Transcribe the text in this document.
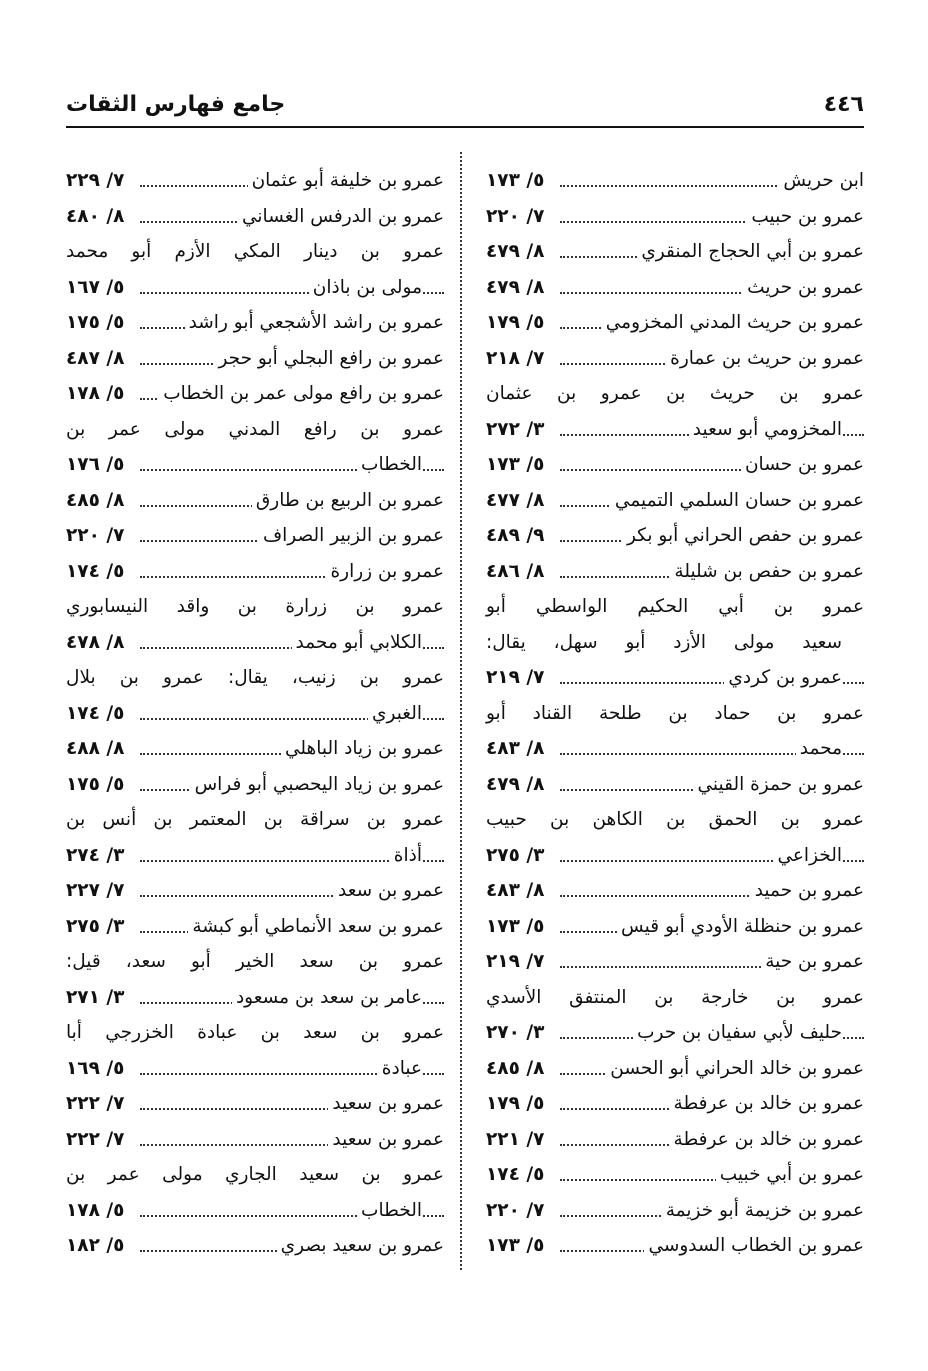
٤٤٦
جامع فهارس الثقات
ابن حريش
٥/ ١٧٣
عمرو بن حبيب
٧/ ٢٢٠
عمرو بن أبي الحجاج المنقري
٨/ ٤٧٩
عمرو بن حريث
٨/ ٤٧٩
عمرو بن حريث المدني المخزومي
٥/ ١٧٩
عمرو بن حريث بن عمارة
٧/ ٢١٨
عمرو بن حريث بن عمرو بن عثمان
المخزومي أبو سعيد
٣/ ٢٧٢
عمرو بن حسان
٥/ ١٧٣
عمرو بن حسان السلمي التميمي
٨/ ٤٧٧
عمرو بن حفص الحراني أبو بكر
٩/ ٤٨٩
عمرو بن حفص بن شليلة
٨/ ٤٨٦
عمرو بن أبي الحكيم الواسطي أبو
سعيد مولى الأزد أبو سهل، يقال:
عمرو بن كردي
٧/ ٢١٩
عمرو بن حماد بن طلحة القناد أبو
محمد
٨/ ٤٨٣
عمرو بن حمزة القيني
٨/ ٤٧٩
عمرو بن الحمق بن الكاهن بن حبيب
الخزاعي
٣/ ٢٧٥
عمرو بن حميد
٨/ ٤٨٣
عمرو بن حنظلة الأودي أبو قيس
٥/ ١٧٣
عمرو بن حية
٧/ ٢١٩
عمرو بن خارجة بن المنتفق الأسدي
حليف لأبي سفيان بن حرب
٣/ ٢٧٠
عمرو بن خالد الحراني أبو الحسن
٨/ ٤٨٥
عمرو بن خالد بن عرفطة
٥/ ١٧٩
عمرو بن خالد بن عرفطة
٧/ ٢٢١
عمرو بن أبي خبيب
٥/ ١٧٤
عمرو بن خزيمة أبو خزيمة
٧/ ٢٢٠
عمرو بن الخطاب السدوسي
٥/ ١٧٣
عمرو بن خليفة أبو عثمان
٧/ ٢٢٩
عمرو بن الدرفس الغساني
٨/ ٤٨٠
عمرو بن دينار المكي الأزم أبو محمد
مولى بن باذان
٥/ ١٦٧
عمرو بن راشد الأشجعي أبو راشد
٥/ ١٧٥
عمرو بن رافع البجلي أبو حجر
٨/ ٤٨٧
عمرو بن رافع مولى عمر بن الخطاب
٥/ ١٧٨
عمرو بن رافع المدني مولى عمر بن
الخطاب
٥/ ١٧٦
عمرو بن الربيع بن طارق
٨/ ٤٨٥
عمرو بن الزبير الصراف
٧/ ٢٢٠
عمرو بن زرارة
٥/ ١٧٤
عمرو بن زرارة بن واقد النيسابوري
الكلابي أبو محمد
٨/ ٤٧٨
عمرو بن زنيب، يقال: عمرو بن بلال
الغبري
٥/ ١٧٤
عمرو بن زياد الباهلي
٨/ ٤٨٨
عمرو بن زياد اليحصبي أبو فراس
٥/ ١٧٥
عمرو بن سراقة بن المعتمر بن أنس بن
أذاة
٣/ ٢٧٤
عمرو بن سعد
٧/ ٢٢٧
عمرو بن سعد الأنماطي أبو كبشة
٣/ ٢٧٥
عمرو بن سعد الخير أبو سعد، قيل:
عامر بن سعد بن مسعود
٣/ ٢٧١
عمرو بن سعد بن عبادة الخزرجي أبا
عبادة
٥/ ١٦٩
عمرو بن سعيد
٧/ ٢٢٢
عمرو بن سعيد
٧/ ٢٢٢
عمرو بن سعيد الجاري مولى عمر بن
الخطاب
٥/ ١٧٨
عمرو بن سعيد بصري
٥/ ١٨٢
